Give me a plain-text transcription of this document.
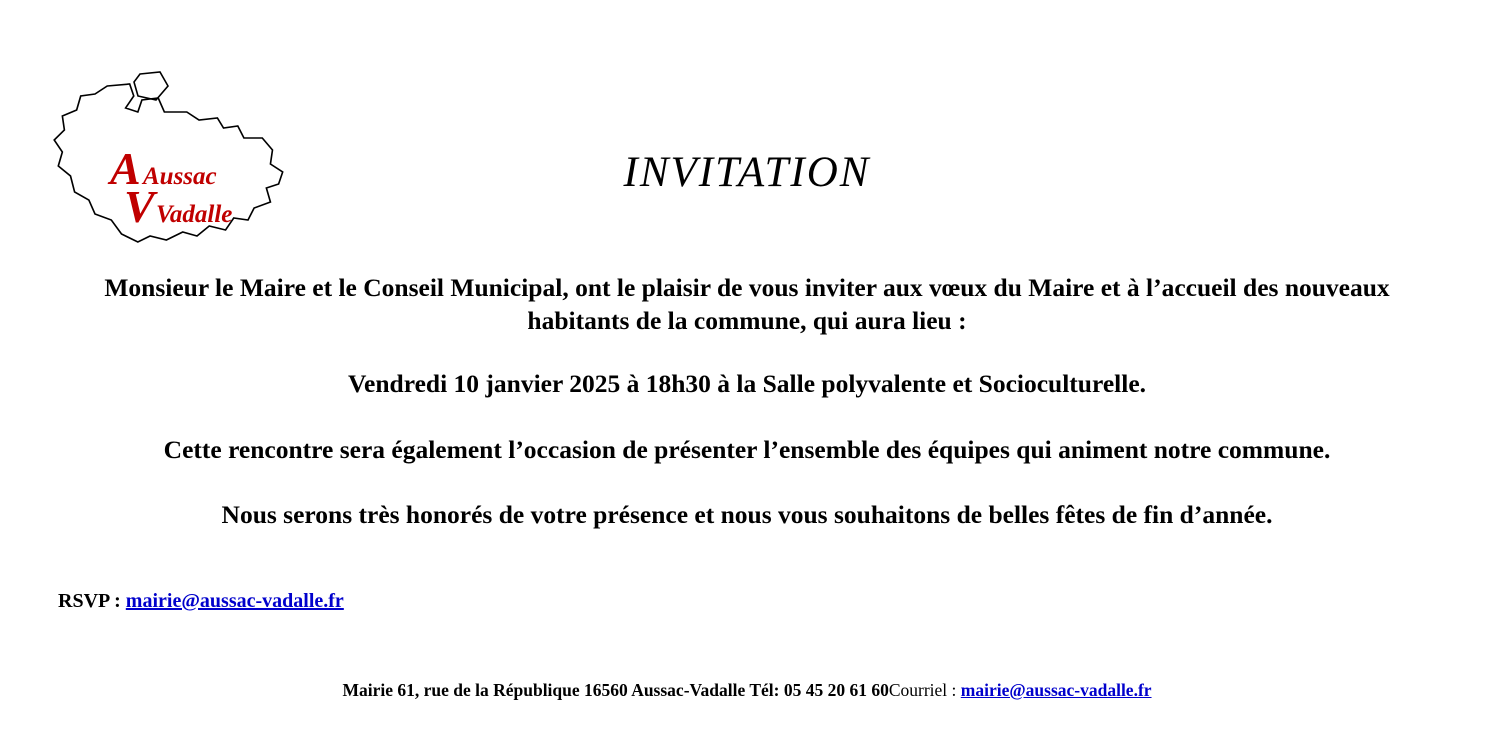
A Aussac
V Vadalle
INVITATION

Monsieur le Maire et le Conseil Municipal, ont le plaisir de vous inviter aux vœux du Maire et à l’accueil des nouveaux habitants de la commune, qui aura lieu :

Vendredi 10 janvier 2025 à 18h30 à la Salle polyvalente et Socioculturelle.

Cette rencontre sera également l’occasion de présenter l’ensemble des équipes qui animent notre commune.

Nous serons très honorés de votre présence et nous vous souhaitons de belles fêtes de fin d’année.

RSVP : mairie@aussac-vadalle.fr
Mairie 61, rue de la République 16560 Aussac-Vadalle Tél: 05 45 20 61 60Courriel : mairie@aussac-vadalle.fr
